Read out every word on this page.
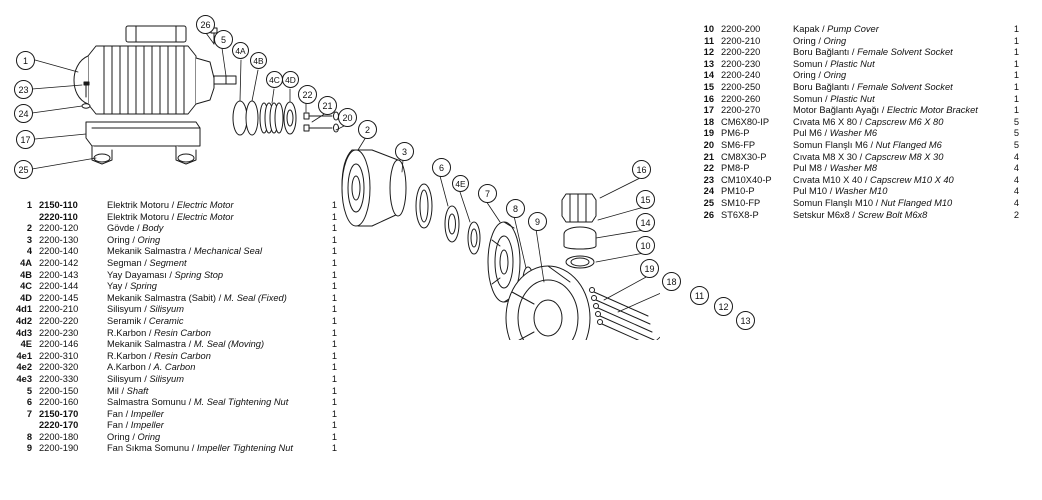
1
23
24
17
25
26
5
4A
4B
4C 4D
22
21
20
2
3
6
4E
7
8
9
16
15
14
10
19
18
11
12
13
1 2150-110	Elektrik Motoru / Electric Motor	1
2220-110	Elektrik Motoru / Electric Motor	1
2 2200-120	Gövde / Body	1
3 2200-130	Oring / Oring	1
4 2200-140	Mekanik Salmastra / Mechanical Seal	1
4A 2200-142	Segman / Segment	1
4B 2200-143	Yay Dayaması / Spring Stop	1
4C 2200-144	Yay / Spring	1
4D 2200-145	Mekanik Salmastra (Sabit) / M. Seal (Fixed)	1
4d1 2200-210	Silisyum / Silisyum	1
4d2 2200-220	Seramik / Ceramic	1
4d3 2200-230	R.Karbon / Resin Carbon	1
4E 2200-146	Mekanik Salmastra / M. Seal (Moving)	1
4e1 2200-310	R.Karbon / Resin Carbon	1
4e2 2200-320	A.Karbon / A. Carbon	1
4e3 2200-330	Silisyum / Silisyum	1
5 2200-150	Mil / Shaft	1
6 2200-160	Salmastra Somunu / M. Seal Tightening Nut	1
7 2150-170	Fan / Impeller	1
2220-170	Fan / Impeller	1
8 2200-180	Oring / Oring	1
9 2200-190	Fan Sıkma Somunu / Impeller Tightening Nut	1
10 2200-200	Kapak / Pump Cover	1
11 2200-210	Oring / Oring	1
12 2200-220	Boru Bağlantı / Female Solvent Socket	1
13 2200-230	Somun / Plastic Nut	1
14 2200-240	Oring / Oring	1
15 2200-250	Boru Bağlantı / Female Solvent Socket	1
16 2200-260	Somun / Plastic Nut	1
17 2200-270	Motor Bağlantı Ayağı / Electric Motor Bracket	1
18 CM6X80-IP	Cıvata M6 X 80 / Capscrew M6 X 80	5
19 PM6-P	Pul M6 / Washer M6	5
20 SM6-FP	Somun Flanşlı M6 / Nut Flanged M6	5
21 CM8X30-P	Cıvata M8 X 30 / Capscrew M8 X 30	4
22 PM8-P	Pul M8 / Washer M8	4
23 CM10X40-P	Cıvata M10 X 40 / Capscrew M10 X 40	4
24 PM10-P	Pul M10 / Washer M10	4
25 SM10-FP	Somun Flanşlı M10 / Nut Flanged M10	4
26 ST6X8-P	Setskur M6x8 / Screw Bolt M6x8	2
